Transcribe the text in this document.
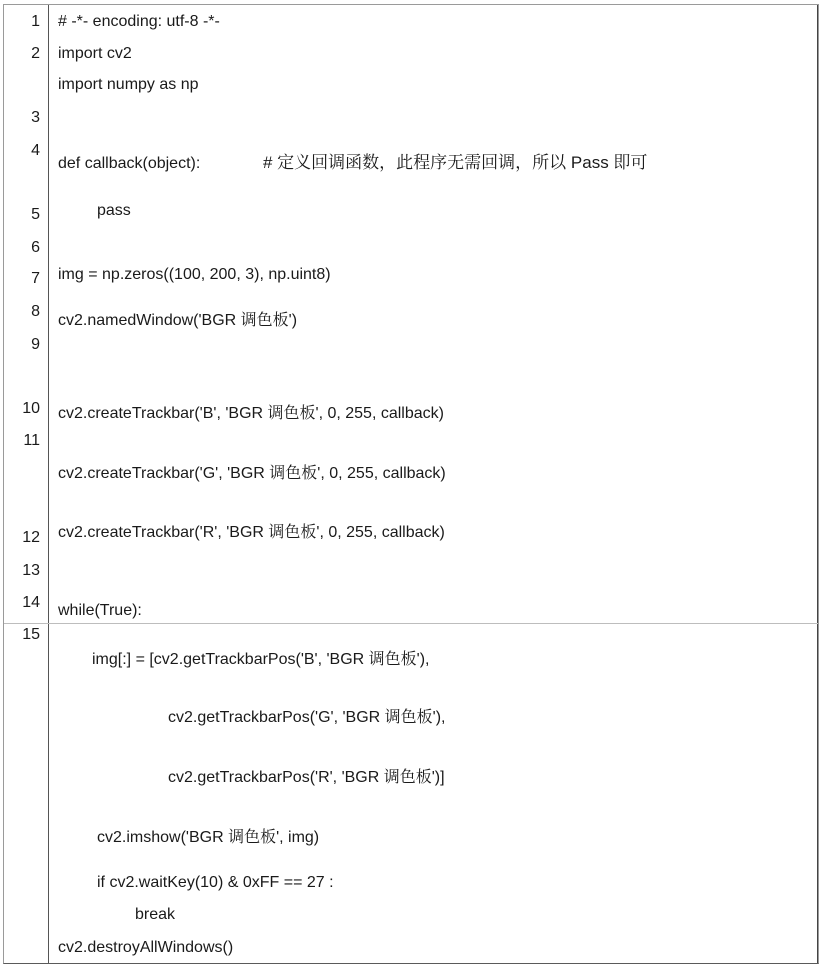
1
2
3
4
5
6
7
8
9
10
11
12
13
14
15
# -*- encoding: utf-8 -*-
import cv2
import numpy as np
def callback(object):	# 定义回调函数，此程序无需回调，所以 Pass 即可
pass
img = np.zeros((100, 200, 3), np.uint8)
cv2.namedWindow('BGR 调色板')
cv2.createTrackbar('B', 'BGR 调色板', 0, 255, callback)
cv2.createTrackbar('G', 'BGR 调色板', 0, 255, callback)
cv2.createTrackbar('R', 'BGR 调色板', 0, 255, callback)
while(True):
img[:] = [cv2.getTrackbarPos('B', 'BGR 调色板'),
cv2.getTrackbarPos('G', 'BGR 调色板'),
cv2.getTrackbarPos('R', 'BGR 调色板')]
cv2.imshow('BGR 调色板', img)
if cv2.waitKey(10) & 0xFF == 27 :
break
cv2.destroyAllWindows()
